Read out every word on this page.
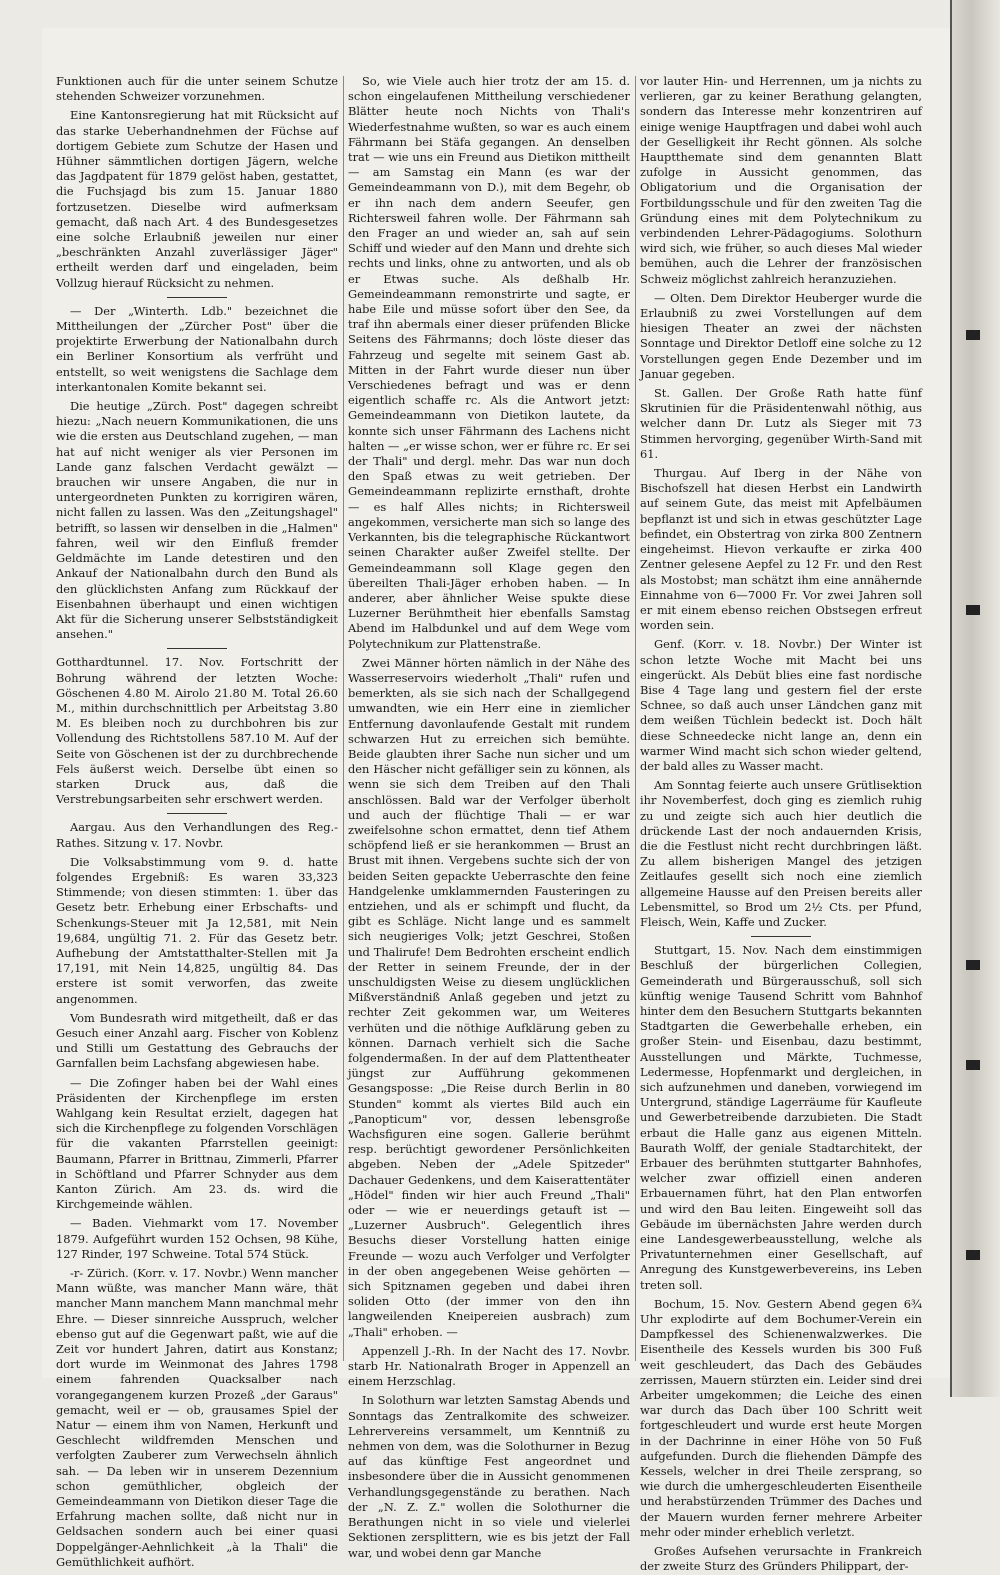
Funktionen auch für die unter seinem Schutze stehenden Schweizer vorzunehmen.

Eine Kantonsregierung hat mit Rücksicht auf das starke Ueberhandnehmen der Füchse auf dortigem Gebiete zum Schutze der Hasen und Hühner sämmtlichen dortigen Jägern, welche das Jagdpatent für 1879 gelöst haben, gestattet, die Fuchsjagd bis zum 15. Januar 1880 fortzusetzen. Dieselbe wird aufmerksam gemacht, daß nach Art. 4 des Bundesgesetzes eine solche Erlaubniß jeweilen nur einer „beschränkten Anzahl zuverlässiger Jäger" ertheilt werden darf und eingeladen, beim Vollzug hierauf Rücksicht zu nehmen.

— Der „Winterth. Ldb." bezeichnet die Mittheilungen der „Zürcher Post" über die projektirte Erwerbung der Nationalbahn durch ein Berliner Konsortium als verfrüht und entstellt, so weit wenigstens die Sachlage dem interkantonalen Komite bekannt sei.

Die heutige „Zürch. Post" dagegen schreibt hiezu: „Nach neuern Kommunikationen, die uns wie die ersten aus Deutschland zugehen, — man hat auf nicht weniger als vier Personen im Lande ganz falschen Verdacht gewälzt — brauchen wir unsere Angaben, die nur in untergeordneten Punkten zu korrigiren wären, nicht fallen zu lassen. Was den „Zeitungshagel" betrifft, so lassen wir denselben in die „Halmen" fahren, weil wir den Einfluß fremder Geldmächte im Lande detestiren und den Ankauf der Nationalbahn durch den Bund als den glücklichsten Anfang zum Rückkauf der Eisenbahnen überhaupt und einen wichtigen Akt für die Sicherung unserer Selbstständigkeit ansehen."

Gotthardtunnel. 17. Nov. Fortschritt der Bohrung während der letzten Woche: Göschenen 4.80 M. Airolo 21.80 M. Total 26.60 M., mithin durchschnittlich per Arbeitstag 3.80 M. Es bleiben noch zu durchbohren bis zur Vollendung des Richtstollens 587.10 M. Auf der Seite von Göschenen ist der zu durchbrechende Fels äußerst weich. Derselbe übt einen so starken Druck aus, daß die Verstrebungsarbeiten sehr erschwert werden.

Aargau. Aus den Verhandlungen des Reg.-Rathes. Sitzung v. 17. Novbr.

Die Volksabstimmung vom 9. d. hatte folgendes Ergebniß: Es waren 33,323 Stimmende; von diesen stimmten: 1. über das Gesetz betr. Erhebung einer Erbschafts- und Schenkungs-Steuer mit Ja 12,581, mit Nein 19,684, ungültig 71. 2. Für das Gesetz betr. Aufhebung der Amtstatthalter-Stellen mit Ja 17,191, mit Nein 14,825, ungültig 84. Das erstere ist somit verworfen, das zweite angenommen.

Vom Bundesrath wird mitgetheilt, daß er das Gesuch einer Anzahl aarg. Fischer von Koblenz und Stilli um Gestattung des Gebrauchs der Garnfallen beim Lachsfang abgewiesen habe.

— Die Zofinger haben bei der Wahl eines Präsidenten der Kirchenpflege im ersten Wahlgang kein Resultat erzielt, dagegen hat sich die Kirchenpflege zu folgenden Vorschlägen für die vakanten Pfarrstellen geeinigt: Baumann, Pfarrer in Brittnau, Zimmerli, Pfarrer in Schöftland und Pfarrer Schnyder aus dem Kanton Zürich. Am 23. ds. wird die Kirchgemeinde wählen.

— Baden. Viehmarkt vom 17. November 1879. Aufgeführt wurden 152 Ochsen, 98 Kühe, 127 Rinder, 197 Schweine. Total 574 Stück.

-r- Zürich. (Korr. v. 17. Novbr.) Wenn mancher Mann wüßte, was mancher Mann wäre, thät mancher Mann manchem Mann manchmal mehr Ehre. — Dieser sinnreiche Ausspruch, welcher ebenso gut auf die Gegenwart paßt, wie auf die Zeit vor hundert Jahren, datirt aus Konstanz; dort wurde im Weinmonat des Jahres 1798 einem fahrenden Quacksalber nach vorangegangenem kurzen Prozeß „der Garaus" gemacht, weil er — ob, grausames Spiel der Natur — einem ihm von Namen, Herkunft und Geschlecht wildfremden Menschen und verfolgten Zauberer zum Verwechseln ähnlich sah. — Da leben wir in unserem Dezennium schon gemüthlicher, obgleich der Gemeindeammann von Dietikon dieser Tage die Erfahrung machen sollte, daß nicht nur in Geldsachen sondern auch bei einer quasi Doppelgänger-Aehnlichkeit „à la Thali" die Gemüthlichkeit aufhört.

So, wie Viele auch hier trotz der am 15. d. schon eingelaufenen Mittheilung verschiedener Blätter heute noch Nichts von Thali's Wiederfestnahme wußten, so war es auch einem Fährmann bei Stäfa gegangen. An denselben trat — wie uns ein Freund aus Dietikon mittheilt — am Samstag ein Mann (es war der Gemeindeammann von D.), mit dem Begehr, ob er ihn nach dem andern Seeufer, gen Richtersweil fahren wolle. Der Fährmann sah den Frager an und wieder an, sah auf sein Schiff und wieder auf den Mann und drehte sich rechts und links, ohne zu antworten, und als ob er Etwas suche. Als deßhalb Hr. Gemeindeammann remonstrirte und sagte, er habe Eile und müsse sofort über den See, da traf ihn abermals einer dieser prüfenden Blicke Seitens des Fährmanns; doch löste dieser das Fahrzeug und segelte mit seinem Gast ab. Mitten in der Fahrt wurde dieser nun über Verschiedenes befragt und was er denn eigentlich schaffe rc. Als die Antwort jetzt: Gemeindeammann von Dietikon lautete, da konnte sich unser Fährmann des Lachens nicht halten — „er wisse schon, wer er führe rc. Er sei der Thali" und dergl. mehr. Das war nun doch den Spaß etwas zu weit getrieben. Der Gemeindeammann replizirte ernsthaft, drohte — es half Alles nichts; in Richtersweil angekommen, versicherte man sich so lange des Verkannten, bis die telegraphische Rückantwort seinen Charakter außer Zweifel stellte. Der Gemeindeammann soll Klage gegen den übereilten Thali-Jäger erhoben haben. — In anderer, aber ähnlicher Weise spukte diese Luzerner Berühmtheit hier ebenfalls Samstag Abend im Halbdunkel und auf dem Wege vom Polytechnikum zur Plattenstraße.

Zwei Männer hörten nämlich in der Nähe des Wasserreservoirs wiederholt „Thali" rufen und bemerkten, als sie sich nach der Schallgegend umwandten, wie ein Herr eine in ziemlicher Entfernung davonlaufende Gestalt mit rundem schwarzen Hut zu erreichen sich bemühte. Beide glaubten ihrer Sache nun sicher und um den Häscher nicht gefälliger sein zu können, als wenn sie sich dem Treiben auf den Thali anschlössen. Bald war der Verfolger überholt und auch der flüchtige Thali — er war zweifelsohne schon ermattet, denn tief Athem schöpfend ließ er sie herankommen — Brust an Brust mit ihnen. Vergebens suchte sich der von beiden Seiten gepackte Ueberraschte den feine Handgelenke umklammernden Fausteringen zu entziehen, und als er schimpft und flucht, da gibt es Schläge. Nicht lange und es sammelt sich neugieriges Volk; jetzt Geschrei, Stoßen und Thalirufe! Dem Bedrohten erscheint endlich der Retter in seinem Freunde, der in der unschuldigsten Weise zu diesem unglücklichen Mißverständniß Anlaß gegeben und jetzt zu rechter Zeit gekommen war, um Weiteres verhüten und die nöthige Aufklärung geben zu können. Darnach verhielt sich die Sache folgendermaßen. In der auf dem Plattentheater jüngst zur Aufführung gekommenen Gesangsposse: „Die Reise durch Berlin in 80 Stunden" kommt als viertes Bild auch ein „Panopticum" vor, dessen lebensgroße Wachsfiguren eine sogen. Gallerie berühmt resp. berüchtigt gewordener Persönlichkeiten abgeben. Neben der „Adele Spitzeder" Dachauer Gedenkens, und dem Kaiserattentäter „Hödel" finden wir hier auch Freund „Thali" oder — wie er neuerdings getauft ist — „Luzerner Ausbruch". Gelegentlich ihres Besuchs dieser Vorstellung hatten einige Freunde — wozu auch Verfolger und Verfolgter in der oben angegebenen Weise gehörten — sich Spitznamen gegeben und dabei ihren soliden Otto (der immer von den ihn langweilenden Kneipereien ausbrach) zum „Thali" erhoben. —

Appenzell J.-Rh. In der Nacht des 17. Novbr. starb Hr. Nationalrath Broger in Appenzell an einem Herzschlag.

In Solothurn war letzten Samstag Abends und Sonntags das Zentralkomite des schweizer. Lehrervereins versammelt, um Kenntniß zu nehmen von dem, was die Solothurner in Bezug auf das künftige Fest angeordnet und insbesondere über die in Aussicht genommenen Verhandlungsgegenstände zu berathen. Nach der „N. Z. Z." wollen die Solothurner die Berathungen nicht in so viele und vielerlei Sektionen zersplittern, wie es bis jetzt der Fall war, und wobei denn gar Manche

vor lauter Hin- und Herrennen, um ja nichts zu verlieren, gar zu keiner Berathung gelangten, sondern das Interesse mehr konzentriren auf einige wenige Hauptfragen und dabei wohl auch der Geselligkeit ihr Recht gönnen. Als solche Hauptthemate sind dem genannten Blatt zufolge in Aussicht genommen, das Obligatorium und die Organisation der Fortbildungsschule und für den zweiten Tag die Gründung eines mit dem Polytechnikum zu verbindenden Lehrer-Pädagogiums. Solothurn wird sich, wie früher, so auch dieses Mal wieder bemühen, auch die Lehrer der französischen Schweiz möglichst zahlreich heranzuziehen.

— Olten. Dem Direktor Heuberger wurde die Erlaubniß zu zwei Vorstellungen auf dem hiesigen Theater an zwei der nächsten Sonntage und Direktor Detloff eine solche zu 12 Vorstellungen gegen Ende Dezember und im Januar gegeben.

St. Gallen. Der Große Rath hatte fünf Skrutinien für die Präsidentenwahl nöthig, aus welcher dann Dr. Lutz als Sieger mit 73 Stimmen hervorging, gegenüber Wirth-Sand mit 61.

Thurgau. Auf Iberg in der Nähe von Bischofszell hat diesen Herbst ein Landwirth auf seinem Gute, das meist mit Apfelbäumen bepflanzt ist und sich in etwas geschützter Lage befindet, ein Obstertrag von zirka 800 Zentnern eingeheimst. Hievon verkaufte er zirka 400 Zentner gelesene Aepfel zu 12 Fr. und den Rest als Mostobst; man schätzt ihm eine annähernde Einnahme von 6—7000 Fr. Vor zwei Jahren soll er mit einem ebenso reichen Obstsegen erfreut worden sein.

Genf. (Korr. v. 18. Novbr.) Der Winter ist schon letzte Woche mit Macht bei uns eingerückt. Als Debüt blies eine fast nordische Bise 4 Tage lang und gestern fiel der erste Schnee, so daß auch unser Ländchen ganz mit dem weißen Tüchlein bedeckt ist. Doch hält diese Schneedecke nicht lange an, denn ein warmer Wind macht sich schon wieder geltend, der bald alles zu Wasser macht.

Am Sonntag feierte auch unsere Grütlisektion ihr Novemberfest, doch ging es ziemlich ruhig zu und zeigte sich auch hier deutlich die drückende Last der noch andauernden Krisis, die die Festlust nicht recht durchbringen läßt. Zu allem bisherigen Mangel des jetzigen Zeitlaufes gesellt sich noch eine ziemlich allgemeine Hausse auf den Preisen bereits aller Lebensmittel, so Brod um 2½ Cts. per Pfund, Fleisch, Wein, Kaffe und Zucker.

Stuttgart, 15. Nov. Nach dem einstimmigen Beschluß der bürgerlichen Collegien, Gemeinderath und Bürgerausschuß, soll sich künftig wenige Tausend Schritt vom Bahnhof hinter dem den Besuchern Stuttgarts bekannten Stadtgarten die Gewerbehalle erheben, ein großer Stein- und Eisenbau, dazu bestimmt, Ausstellungen und Märkte, Tuchmesse, Ledermesse, Hopfenmarkt und dergleichen, in sich aufzunehmen und daneben, vorwiegend im Untergrund, ständige Lagerräume für Kaufleute und Gewerbetreibende darzubieten. Die Stadt erbaut die Halle ganz aus eigenen Mitteln. Baurath Wolff, der geniale Stadtarchitekt, der Erbauer des berühmten stuttgarter Bahnhofes, welcher zwar offiziell einen anderen Erbauernamen führt, hat den Plan entworfen und wird den Bau leiten. Eingeweiht soll das Gebäude im übernächsten Jahre werden durch eine Landesgewerbeausstellung, welche als Privatunternehmen einer Gesellschaft, auf Anregung des Kunstgewerbevereins, ins Leben treten soll.

Bochum, 15. Nov. Gestern Abend gegen 6¾ Uhr explodirte auf dem Bochumer-Verein ein Dampfkessel des Schienenwalzwerkes. Die Eisentheile des Kessels wurden bis 300 Fuß weit geschleudert, das Dach des Gebäudes zerrissen, Mauern stürzten ein. Leider sind drei Arbeiter umgekommen; die Leiche des einen war durch das Dach über 100 Schritt weit fortgeschleudert und wurde erst heute Morgen in der Dachrinne in einer Höhe von 50 Fuß aufgefunden. Durch die fliehenden Dämpfe des Kessels, welcher in drei Theile zersprang, so wie durch die umhergeschleuderten Eisentheile und herabstürzenden Trümmer des Daches und der Mauern wurden ferner mehrere Arbeiter mehr oder minder erheblich verletzt.

Großes Aufsehen verursachte in Frankreich der zweite Sturz des Gründers Philippart, der-
